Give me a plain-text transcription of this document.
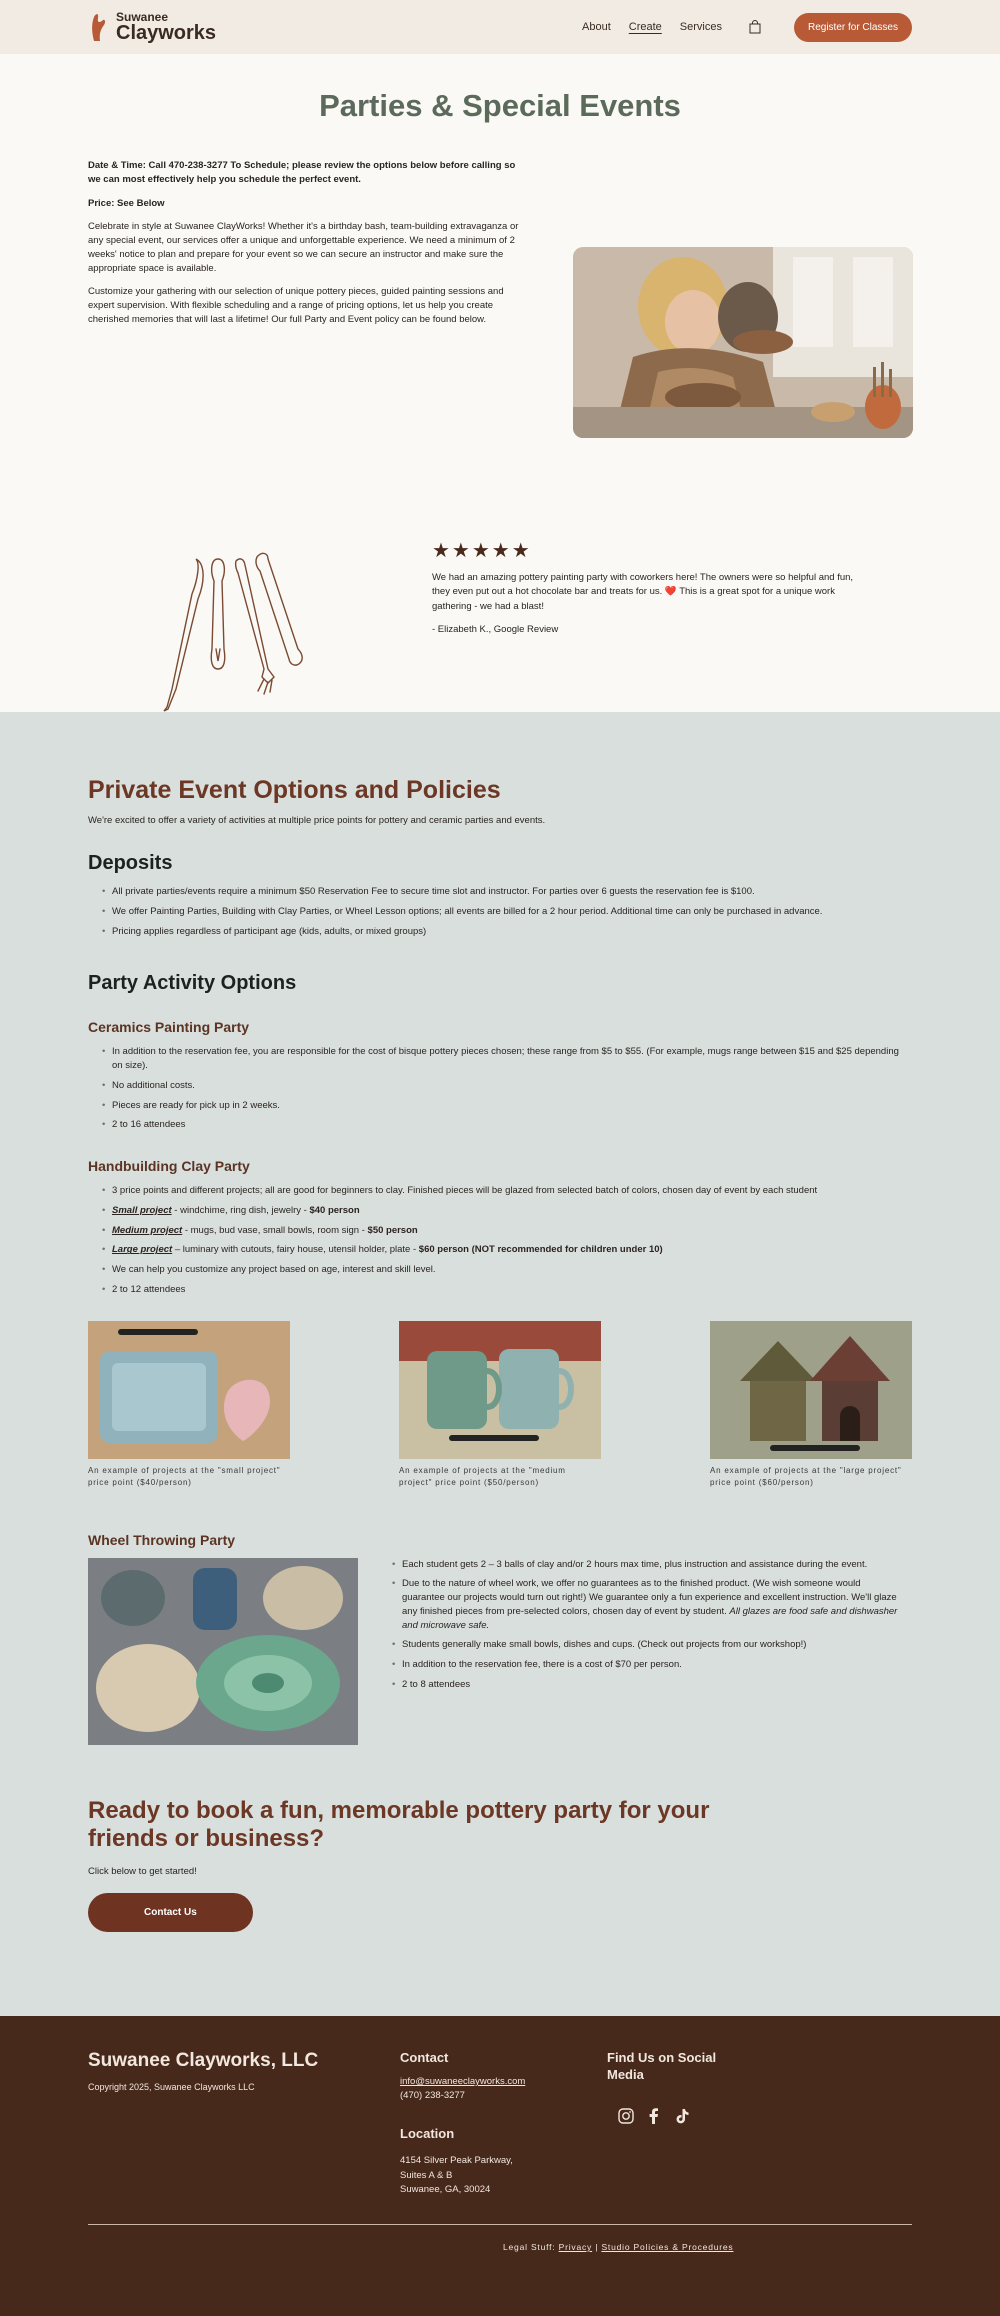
Suwanee
Clayworks	About Create Services	Register for Classes
Parties & Special Events

Date & Time: Call 470-238-3277 To Schedule; please review the options below before calling so we can most effectively help you schedule the perfect event.

Price: See Below

Celebrate in style at Suwanee ClayWorks! Whether it's a birthday bash, team-building extravaganza or any special event, our services offer a unique and unforgettable experience. We need a minimum of 2 weeks' notice to plan and prepare for your event so we can secure an instructor and make sure the appropriate space is available.

Customize your gathering with our selection of unique pottery pieces, guided painting sessions and expert supervision. With flexible scheduling and a range of pricing options, let us help you create cherished memories that will last a lifetime! Our full Party and Event policy can be found below.

★★★★★

We had an amazing pottery painting party with coworkers here! The owners were so helpful and fun, they even put out a hot chocolate bar and treats for us. ❤️ This is a great spot for a unique work gathering - we had a blast!

- Elizabeth K., Google Review

Private Event Options and Policies

We're excited to offer a variety of activities at multiple price points for pottery and ceramic parties and events.

Deposits
• All private parties/events require a minimum $50 Reservation Fee to secure time slot and instructor. For parties over 6 guests the reservation fee is $100.
• We offer Painting Parties, Building with Clay Parties, or Wheel Lesson options; all events are billed for a 2 hour period. Additional time can only be purchased in advance.
• Pricing applies regardless of participant age (kids, adults, or mixed groups)
Party Activity Options
Ceramics Painting Party
• In addition to the reservation fee, you are responsible for the cost of bisque pottery pieces chosen; these range from $5 to $55. (For example, mugs range between $15 and $25 depending on size).
• No additional costs.
• Pieces are ready for pick up in 2 weeks.
• 2 to 16 attendees
Handbuilding Clay Party
• 3 price points and different projects; all are good for beginners to clay. Finished pieces will be glazed from selected batch of colors, chosen day of event by each student
• Small project - windchime, ring dish, jewelry - $40 person
• Medium project - mugs, bud vase, small bowls, room sign - $50 person
• Large project – luminary with cutouts, fairy house, utensil holder, plate - $60 person (NOT recommended for children under 10)
• We can help you customize any project based on age, interest and skill level.
• 2 to 12 attendees

An example of projects at the "small project" price point ($40/person)

An example of projects at the "medium project" price point ($50/person)

An example of projects at the "large project" price point ($60/person)

Wheel Throwing Party
• Each student gets 2 – 3 balls of clay and/or 2 hours max time, plus instruction and assistance during the event.
• Due to the nature of wheel work, we offer no guarantees as to the finished product. (We wish someone would guarantee our projects would turn out right!) We guarantee only a fun experience and excellent instruction. We'll glaze any finished pieces from pre-selected colors, chosen day of event by student. All glazes are food safe and dishwasher and microwave safe.
• Students generally make small bowls, dishes and cups. (Check out projects from our workshop!)
• In addition to the reservation fee, there is a cost of $70 per person.
• 2 to 8 attendees
Ready to book a fun, memorable pottery party for your friends or business?

Click below to get started!

Contact Us
Suwanee Clayworks, LLC
Copyright 2025, Suwanee Clayworks LLC
Contact
info@suwaneeclayworks.com
(470) 238-3277
Location
4154 Silver Peak Parkway,
Suites A & B
Suwanee, GA, 30024
Find Us on Social Media
Legal Stuff: Privacy | Studio Policies & Procedures
